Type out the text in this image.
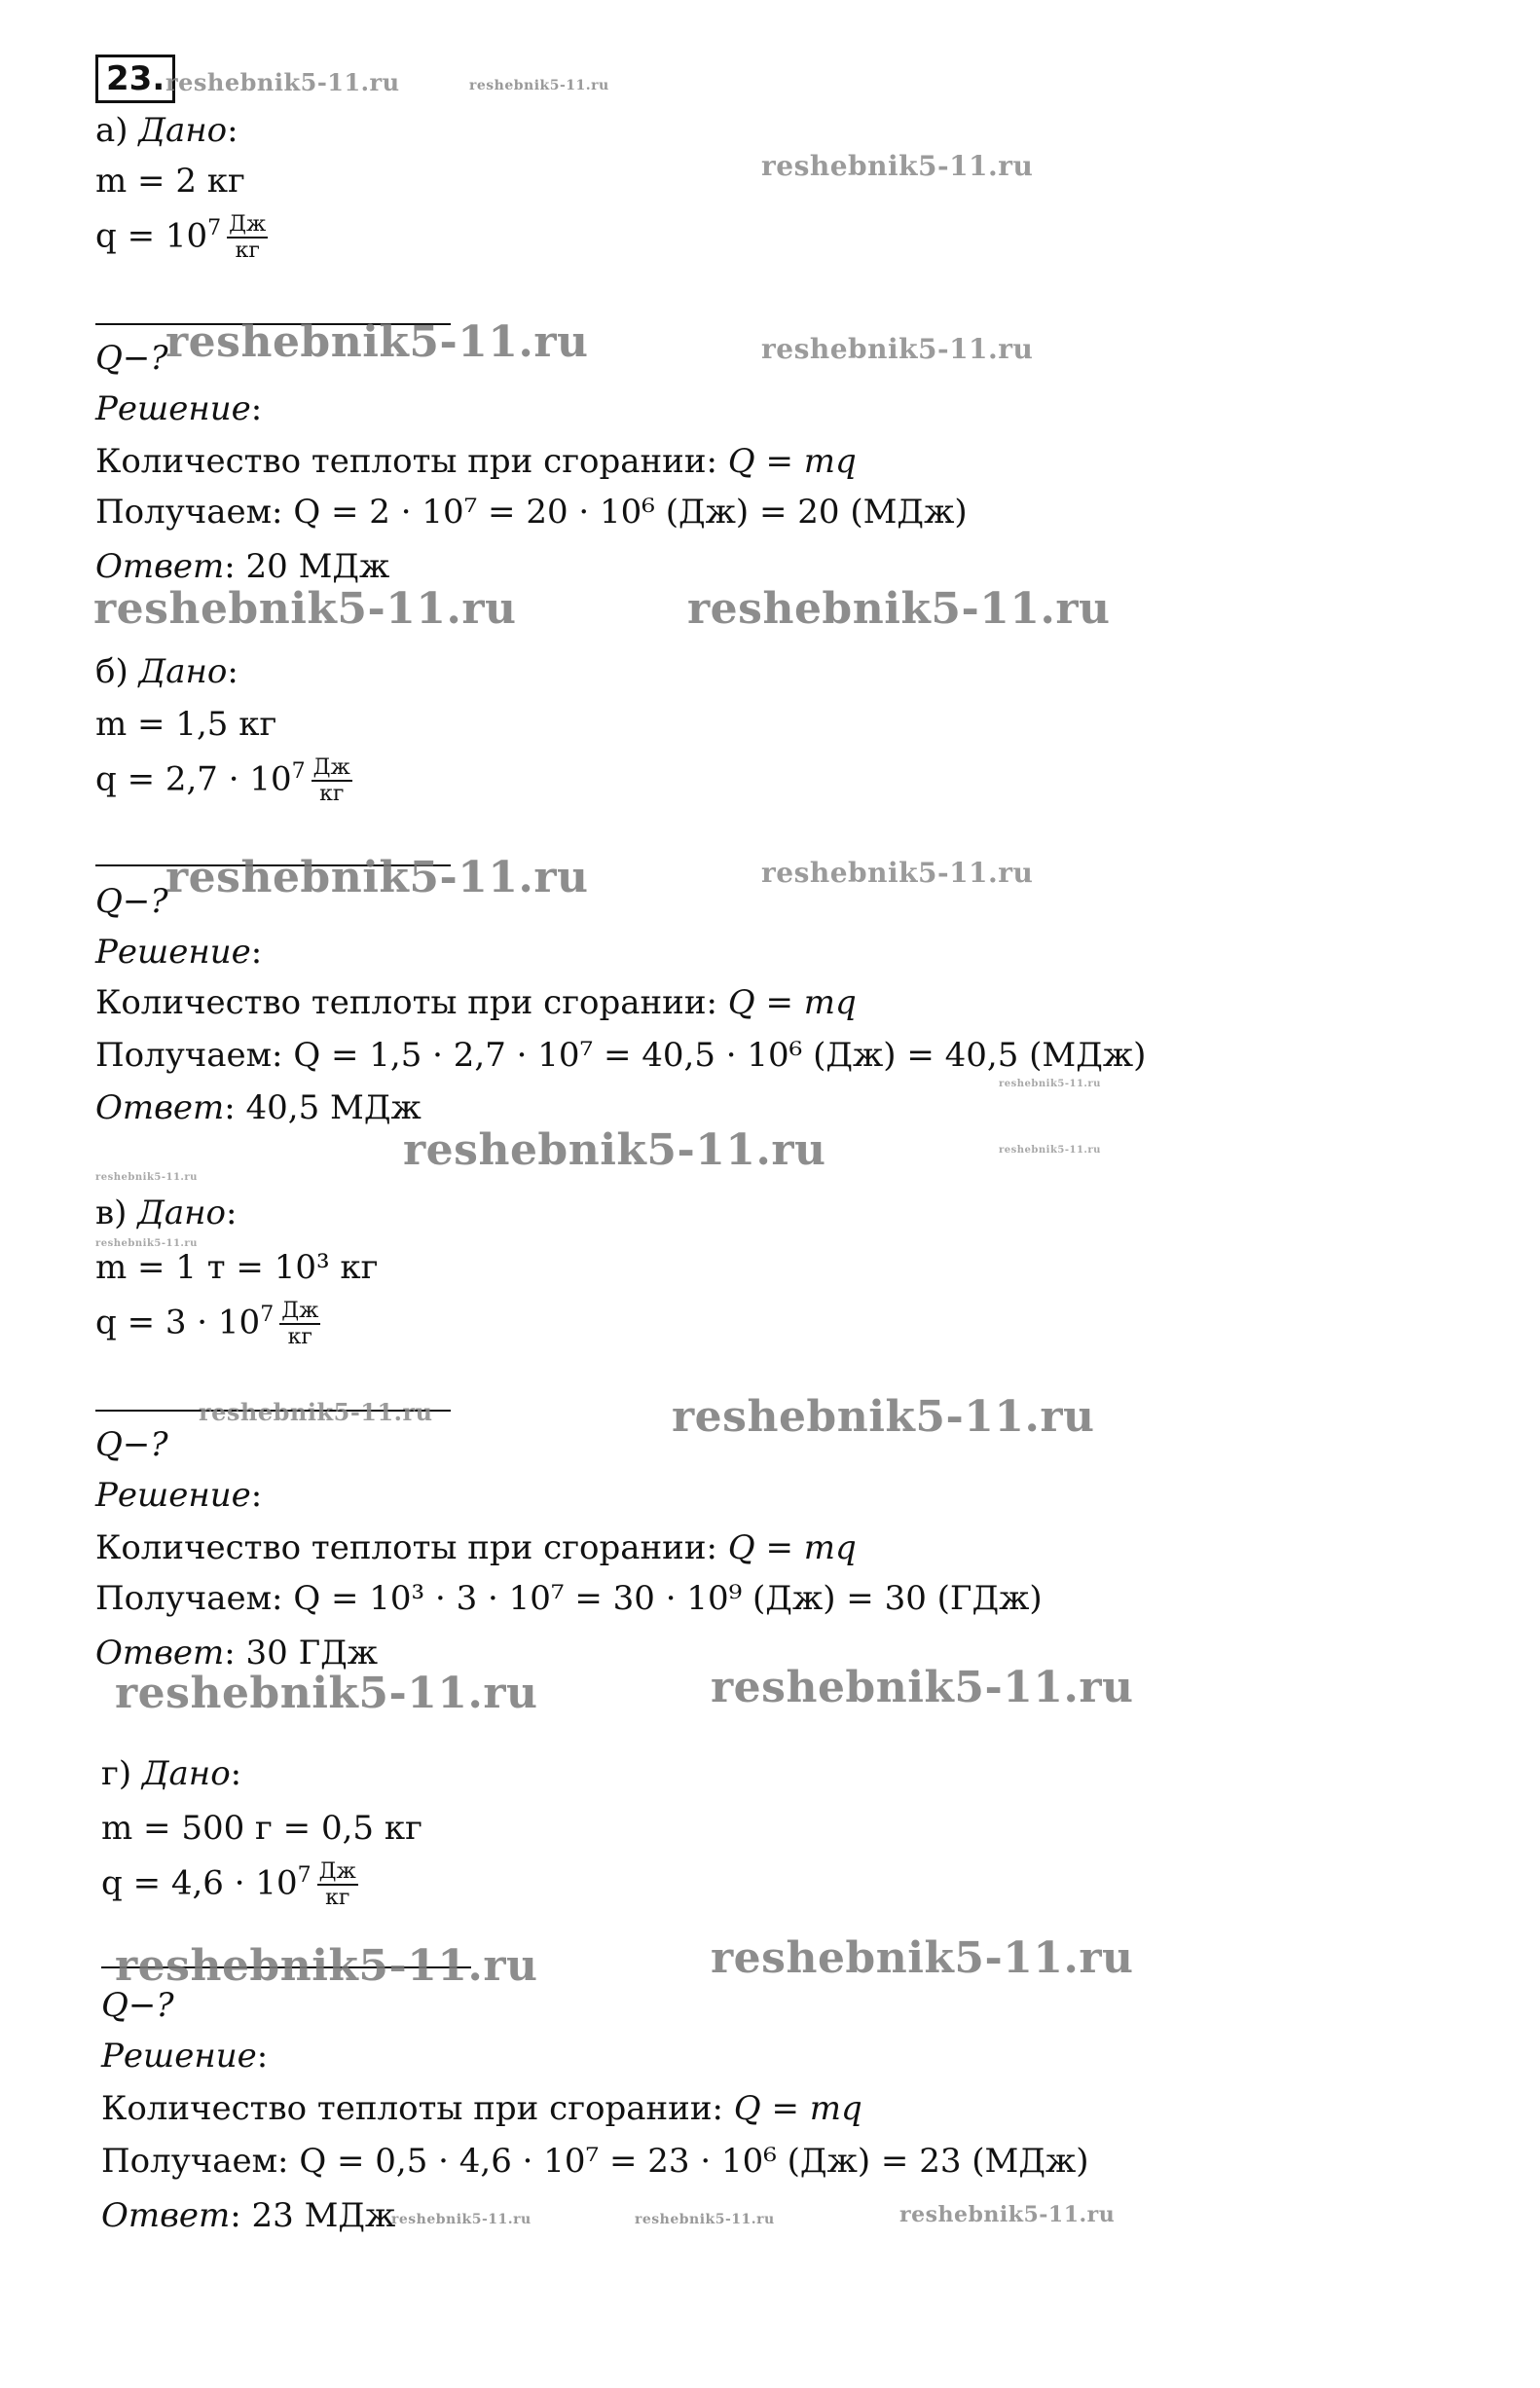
23. reshebnik5-11.ru	reshebnik5-11.ru
а) Дано:
reshebnik5-11.ru
m = 2 кг
$q = 10^7 \frac{Дж}{кг}$
Q−?
reshebnik5-11.ru	reshebnik5-11.ru
Решение:
Количество теплоты при сгорании: Q = mq
Получаем: Q = 2 · 10⁷ = 20 · 10⁶ (Дж) = 20 (МДж)
Ответ: 20 МДж
reshebnik5-11.ru	reshebnik5-11.ru
б) Дано:
m = 1,5 кг
$q = 2,7 \cdot 10^7 \frac{Дж}{кг}$
Q−?
reshebnik5-11.ru	reshebnik5-11.ru
Решение:
Количество теплоты при сгорании: Q = mq
Получаем: Q = 1,5 · 2,7 · 10⁷ = 40,5 · 10⁶ (Дж) = 40,5 (МДж)
reshebnik5-11.ru
Ответ: 40,5 МДж
reshebnik5-11.ru	reshebnik5-11.ru
reshebnik5-11.ru
в) Дано:
reshebnik5-11.ru
m = 1 т = 10³ кг
$q = 3 \cdot 10^7 \frac{Дж}{кг}$
reshebnik5-11.ru	reshebnik5-11.ru
Q−?
Решение:
Количество теплоты при сгорании: Q = mq
Получаем: Q = 10³ · 3 · 10⁷ = 30 · 10⁹ (Дж) = 30 (ГДж)
Ответ: 30 ГДж
reshebnik5-11.ru	reshebnik5-11.ru
г) Дано:
m = 500 г = 0,5 кг
$q = 4,6 \cdot 10^7 \frac{Дж}{кг}$
reshebnik5-11.ru	reshebnik5-11.ru
Q−?
Решение:
Количество теплоты при сгорании: Q = mq
Получаем: Q = 0,5 · 4,6 · 10⁷ = 23 · 10⁶ (Дж) = 23 (МДж)
Ответ: 23 МДж
reshebnik5-11.ru	reshebnik5-11.ru	reshebnik5-11.ru
